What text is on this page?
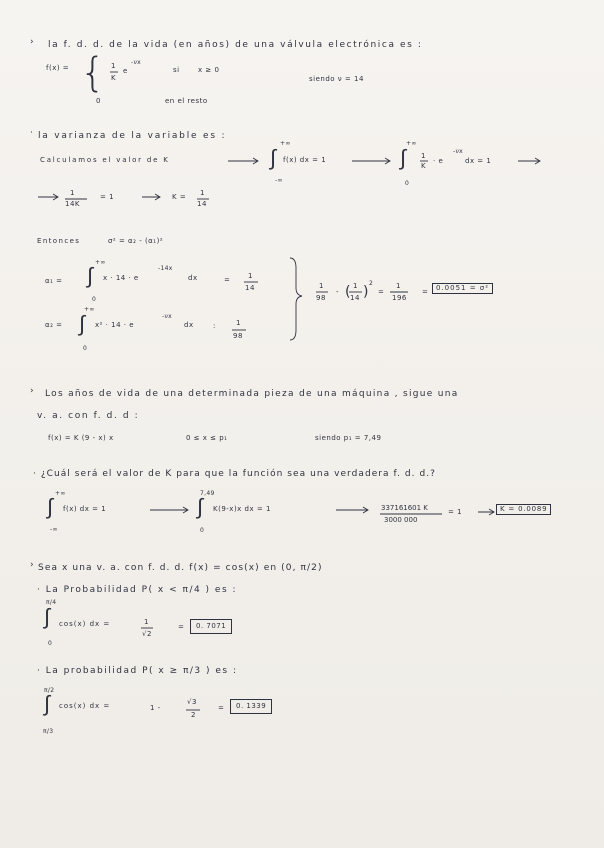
› la f. d. d. de la vida (en años) de una válvula electrónica es :
f(x) = { 1
K
e
-νx
si	x ≥ 0
siendo ν = 14
0	en el resto
· la varianza de la variable es :
Calculamos el valor de K
+∞
∫
-∞
f(x) dx = 1
+∞
∫
0
1
K
· e
-νx
dx = 1
1
14K
= 1	K = 1
14
Entonces	σ² = α₂ - (α₁)²
α₁ =
+∞
∫
0
x · 14 · e
-14x
dx	=	1
14
α₂ =
+∞
∫
0
x² · 14 · e
-νx
dx	:	1
98
1
98
- ( 1
14 )
2
=
1
196
=	0.0051 = σ²
› Los años de vida de una determinada pieza de una máquina , sigue una
v. a. con f. d. d :
f(x) = K (9 - x) x	0 ≤ x ≤ p₁	siendo p₁ = 7,49
· ¿Cuál será el valor de K para que la función sea una verdadera f. d. d.?
+∞
∫
-∞
f(x) dx = 1
7,49
∫
0
K(9-x)x dx = 1	337161601 K
3000 000
= 1	K = 0.0089
› Sea x una v. a. con f. d. d. f(x) = cos(x) en (0, π/2)
· La Probabilidad P( x < π/4 ) es :
π/4
∫
0
cos(x) dx =	1
√2
=	0. 7071
· La probabilidad P( x ≥ π/3 ) es :
π/2
∫
π/3
cos(x) dx =	1 -
√3
2
=	0. 1339
